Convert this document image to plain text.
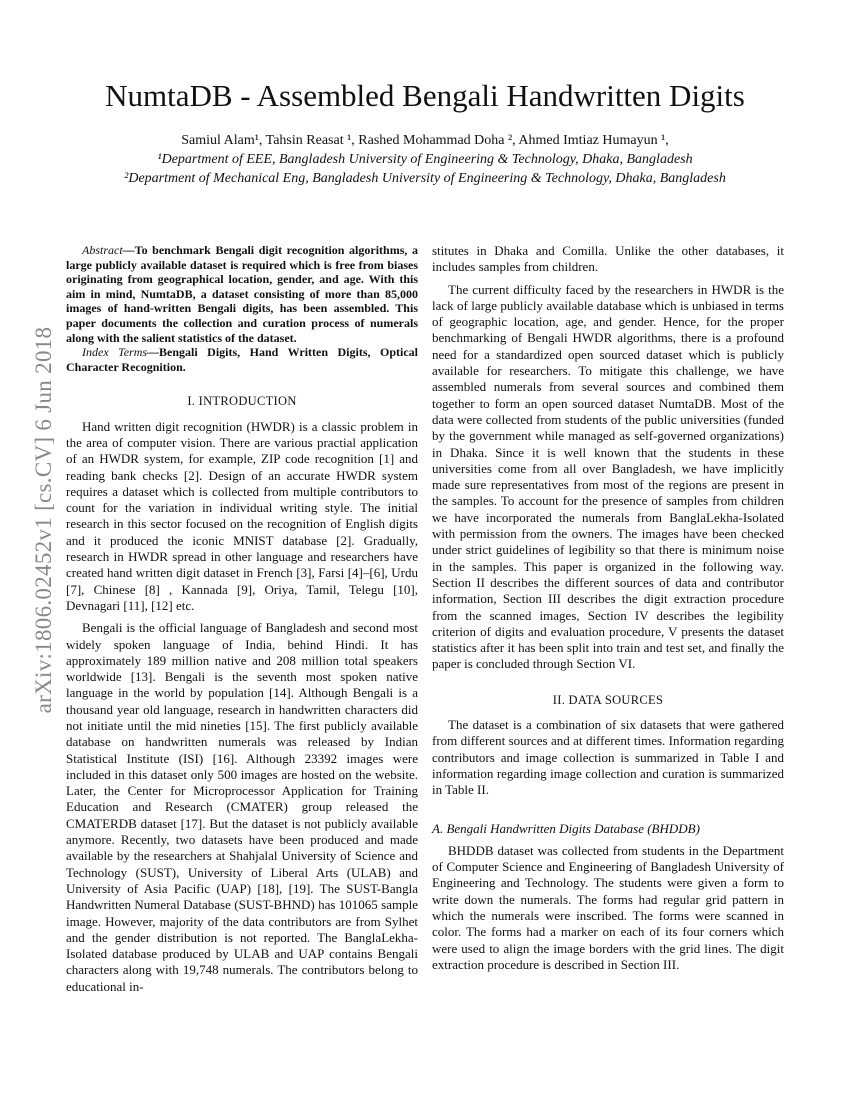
arXiv:1806.02452v1 [cs.CV] 6 Jun 2018
NumtaDB - Assembled Bengali Handwritten Digits
Samiul Alam¹, Tahsin Reasat ¹, Rashed Mohammad Doha ², Ahmed Imtiaz Humayun ¹,
¹Department of EEE, Bangladesh University of Engineering & Technology, Dhaka, Bangladesh
²Department of Mechanical Eng, Bangladesh University of Engineering & Technology, Dhaka, Bangladesh

Abstract—To benchmark Bengali digit recognition algorithms, a large publicly available dataset is required which is free from biases originating from geographical location, gender, and age. With this aim in mind, NumtaDB, a dataset consisting of more than 85,000 images of hand-written Bengali digits, has been assembled. This paper documents the collection and curation process of numerals along with the salient statistics of the dataset.

Index Terms—Bengali Digits, Hand Written Digits, Optical Character Recognition.

I. INTRODUCTION

Hand written digit recognition (HWDR) is a classic problem in the area of computer vision. There are various practial application of an HWDR system, for example, ZIP code recognition [1] and reading bank checks [2]. Design of an accurate HWDR system requires a dataset which is collected from multiple contributors to count for the variation in individual writing style. The initial research in this sector focused on the recognition of English digits and it produced the iconic MNIST database [2]. Gradually, research in HWDR spread in other language and researchers have created hand written digit dataset in French [3], Farsi [4]–[6], Urdu [7], Chinese [8] , Kannada [9], Oriya, Tamil, Telegu [10], Devnagari [11], [12] etc.

Bengali is the official language of Bangladesh and second most widely spoken language of India, behind Hindi. It has approximately 189 million native and 208 million total speakers worldwide [13]. Bengali is the seventh most spoken native language in the world by population [14]. Although Bengali is a thousand year old language, research in handwritten characters did not initiate until the mid nineties [15]. The first publicly available database on handwritten numerals was released by Indian Statistical Institute (ISI) [16]. Although 23392 images were included in this dataset only 500 images are hosted on the website. Later, the Center for Microprocessor Application for Training Education and Research (CMATER) group released the CMATERDB dataset [17]. But the dataset is not publicly available anymore. Recently, two datasets have been produced and made available by the researchers at Shahjalal University of Science and Technology (SUST), University of Liberal Arts (ULAB) and University of Asia Pacific (UAP) [18], [19]. The SUST-Bangla Handwritten Numeral Database (SUST-BHND) has 101065 sample image. However, majority of the data contributors are from Sylhet and the gender distribution is not reported. The BanglaLekha-Isolated database produced by ULAB and UAP contains Bengali characters along with 19,748 numerals. The contributors belong to educational in-

stitutes in Dhaka and Comilla. Unlike the other databases, it includes samples from children.

The current difficulty faced by the researchers in HWDR is the lack of large publicly available database which is unbiased in terms of geographic location, age, and gender. Hence, for the proper benchmarking of Bengali HWDR algorithms, there is a profound need for a standardized open sourced dataset which is publicly available for researchers. To mitigate this challenge, we have assembled numerals from several sources and combined them together to form an open sourced dataset NumtaDB. Most of the data were collected from students of the public universities (funded by the government while managed as self-governed organizations) in Dhaka. Since it is well known that the students in these universities come from all over Bangladesh, we have implicitly made sure representatives from most of the regions are present in the samples. To account for the presence of samples from children we have incorporated the numerals from BanglaLekha-Isolated with permission from the owners. The images have been checked under strict guidelines of legibility so that there is minimum noise in the samples. This paper is organized in the following way. Section II describes the different sources of data and contributor information, Section III describes the digit extraction procedure from the scanned images, Section IV describes the legibility criterion of digits and evaluation procedure, V presents the dataset statistics after it has been split into train and test set, and finally the paper is concluded through Section VI.

II. DATA SOURCES

The dataset is a combination of six datasets that were gathered from different sources and at different times. Information regarding contributors and image collection is summarized in Table I and information regarding image collection and curation is summarized in Table II.

A. Bengali Handwritten Digits Database (BHDDB)

BHDDB dataset was collected from students in the Department of Computer Science and Engineering of Bangladesh University of Engineering and Technology. The students were given a form to write down the numerals. The forms had regular grid pattern in which the numerals were inscribed. The forms were scanned in color. The forms had a marker on each of its four corners which were used to align the image borders with the grid lines. The digit extraction procedure is described in Section III.
